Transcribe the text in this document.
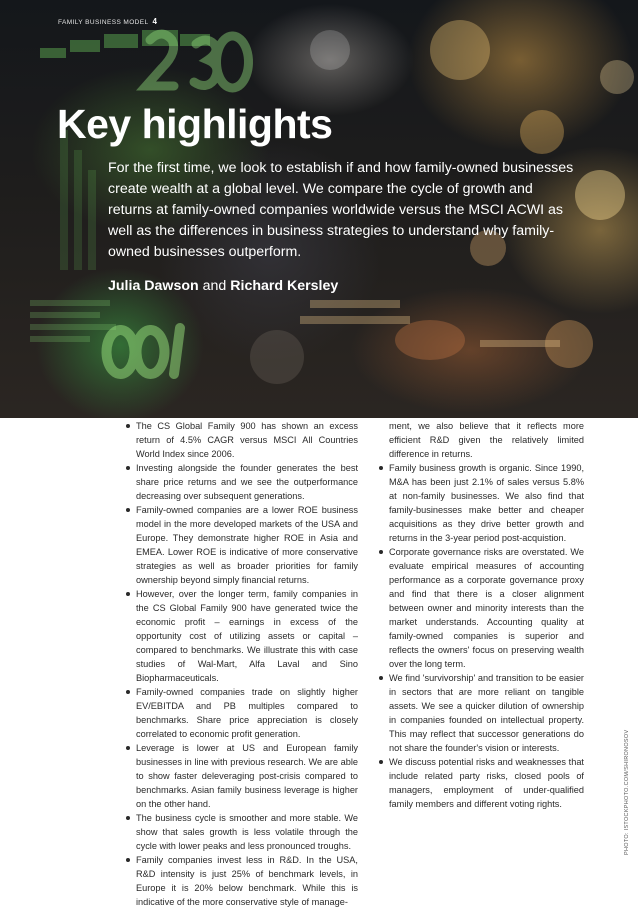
FAMILY BUSINESS MODEL 4
Key highlights

For the first time, we look to establish if and how family-owned businesses create wealth at a global level. We compare the cycle of growth and returns at family-owned companies worldwide versus the MSCI ACWI as well as the differences in business strategies to understand why family-owned businesses outperform.

Julia Dawson and Richard Kersley

The CS Global Family 900 has shown an excess return of 4.5% CAGR versus MSCI All Countries World Index since 2006.
Investing alongside the founder generates the best share price returns and we see the outperformance decreasing over subsequent generations.
Family-owned companies are a lower ROE business model in the more developed markets of the USA and Europe. They demonstrate higher ROE in Asia and EMEA. Lower ROE is indicative of more conservative strategies as well as broader priorities for family ownership beyond simply financial returns.
However, over the longer term, family companies in the CS Global Family 900 have generated twice the economic profit – earnings in excess of the opportunity cost of utilizing assets or capital – compared to benchmarks. We illustrate this with case studies of Wal-Mart, Alfa Laval and Sino Biopharmaceuticals.
Family-owned companies trade on slightly higher EV/EBITDA and PB multiples compared to benchmarks. Share price appreciation is closely correlated to economic profit generation.
Leverage is lower at US and European family businesses in line with previous research. We are able to show faster deleveraging post-crisis compared to benchmarks. Asian family business leverage is higher on the other hand.
The business cycle is smoother and more stable. We show that sales growth is less volatile through the cycle with lower peaks and less pronounced troughs.
Family companies invest less in R&D. In the USA, R&D intensity is just 25% of benchmark levels, in Europe it is 20% below benchmark. While this is indicative of the more conservative style of manage-
ment, we also believe that it reflects more efficient R&D given the relatively limited difference in returns.
Family business growth is organic. Since 1990, M&A has been just 2.1% of sales versus 5.8% at non-family businesses. We also find that family-businesses make better and cheaper acquisitions as they drive better growth and returns in the 3-year period post-acquistion.
Corporate governance risks are overstated. We evaluate empirical measures of accounting performance as a corporate governance proxy and find that there is a closer alignment between owner and minority interests than the market understands. Accounting quality at family-owned companies is superior and reflects the owners' focus on preserving wealth over the long term.
We find 'survivorship' and transition to be easier in sectors that are more reliant on tangible assets. We see a quicker dilution of ownership in companies founded on intellectual property. This may reflect that successor generations do not share the founder's vision or interests.
We discuss potential risks and weaknesses that include related party risks, closed pools of managers, employment of under-qualified family members and different voting rights.	PHOTO: ISTOCKPHOTO.COM/SHIRONOSOV
